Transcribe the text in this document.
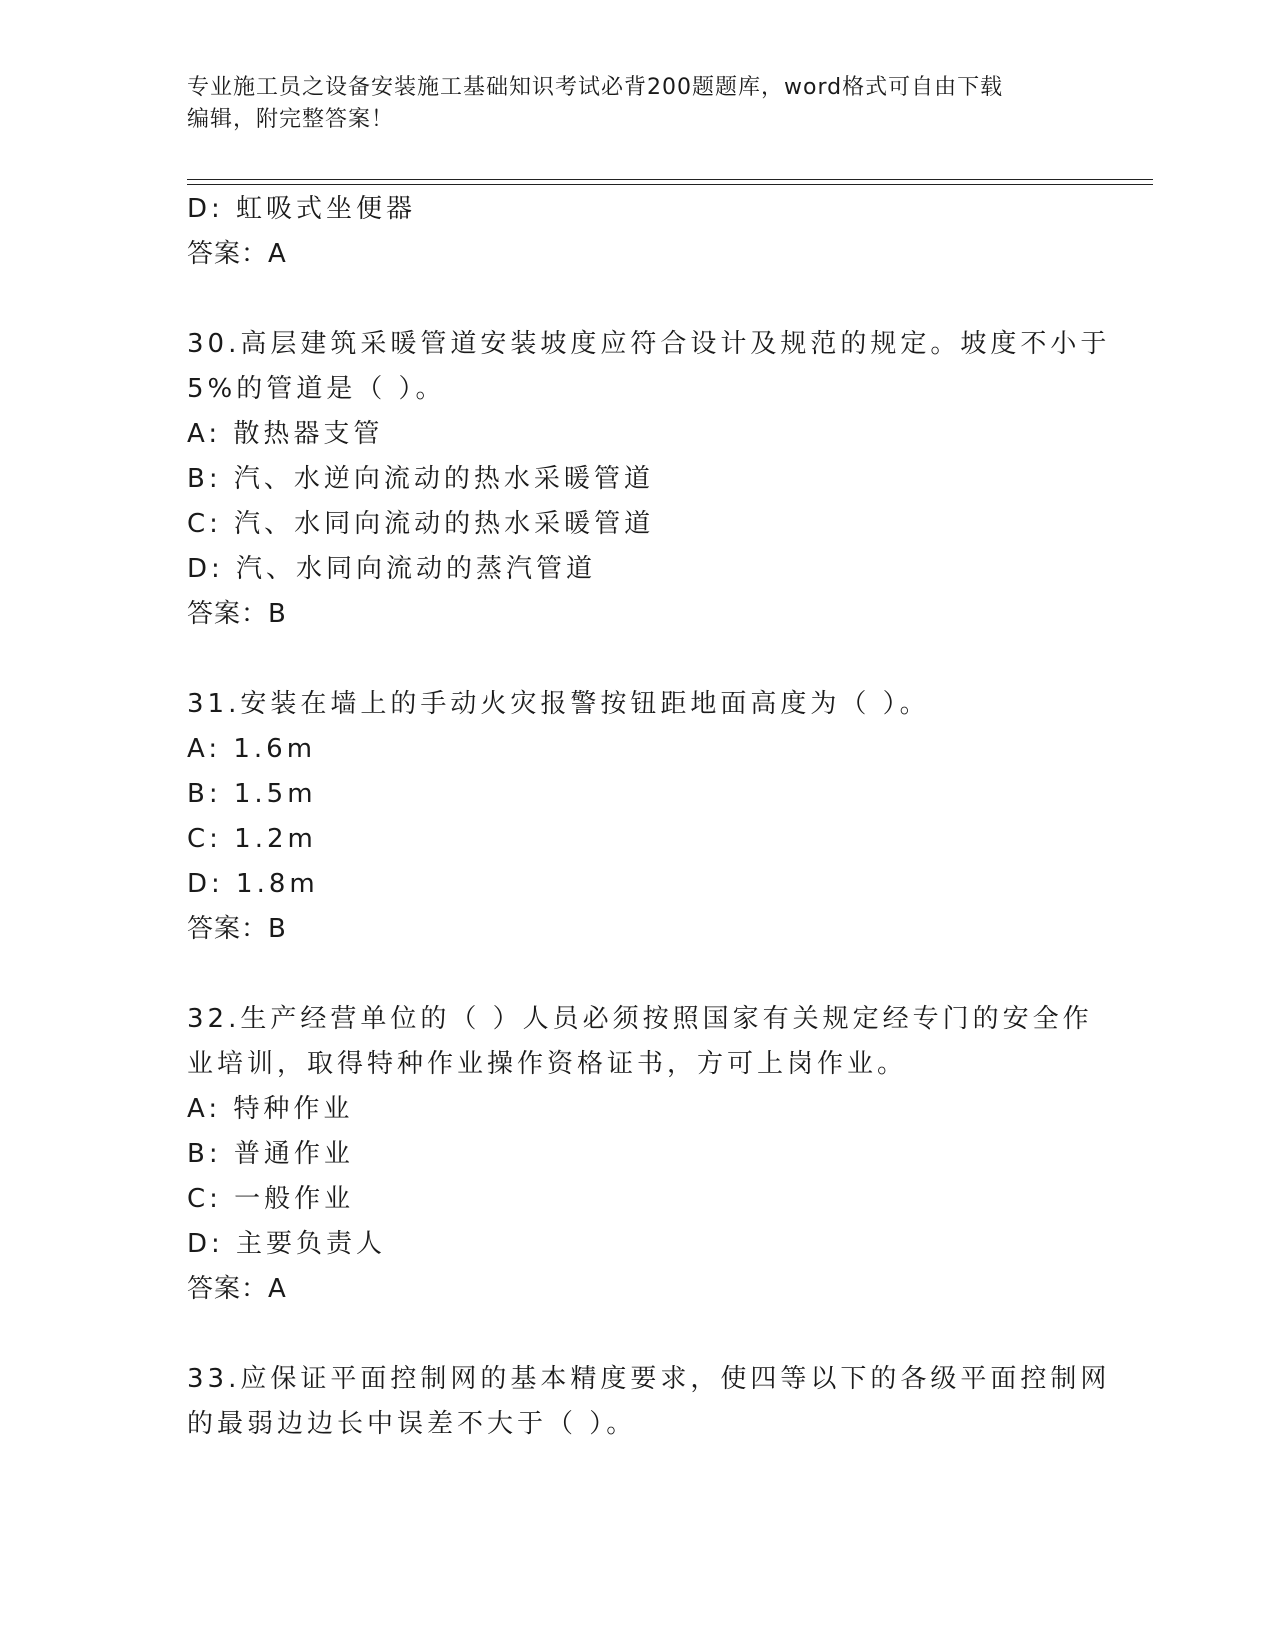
专业施工员之设备安装施工基础知识考试必背200题题库，word格式可自由下载
编辑，附完整答案！
D: 虹吸式坐便器
答案：A
30.高层建筑采暖管道安装坡度应符合设计及规范的规定。坡度不小于
5%的管道是（ ）。
A: 散热器支管
B: 汽、水逆向流动的热水采暖管道
C: 汽、水同向流动的热水采暖管道
D: 汽、水同向流动的蒸汽管道
答案：B
31.安装在墙上的手动火灾报警按钮距地面高度为（ ）。
A: 1.6m
B: 1.5m
C: 1.2m
D: 1.8m
答案：B
32.生产经营单位的（ ）人员必须按照国家有关规定经专门的安全作
业培训，取得特种作业操作资格证书，方可上岗作业。
A: 特种作业
B: 普通作业
C: 一般作业
D: 主要负责人
答案：A
33.应保证平面控制网的基本精度要求，使四等以下的各级平面控制网
的最弱边边长中误差不大于（ ）。
